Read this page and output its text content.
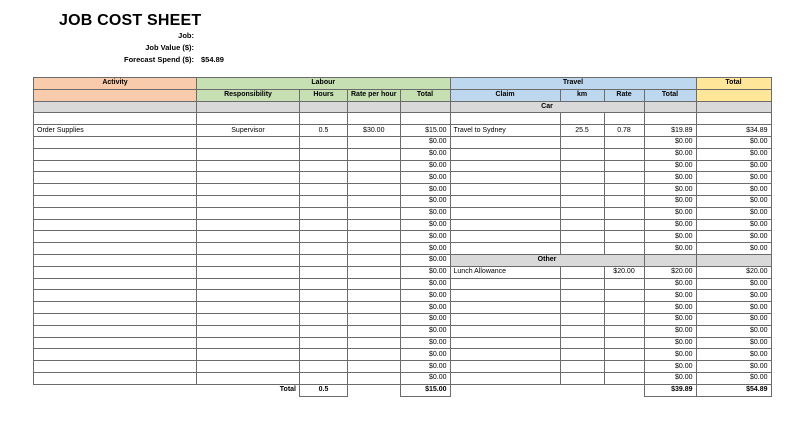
JOB COST SHEET
Job:
Job Value ($):
Forecast Spend ($): $54.89
Activity	Labour				Travel				Total
	Responsibility	Hours	Rate per hour	Total	Claim	km	Rate	Total	
					Car				

Order Supplies	Supervisor	0.5	$30.00	$15.00	Travel to Sydney	25.5	0.78	$19.89	$34.89
				$0.00				$0.00	$0.00
				$0.00				$0.00	$0.00
				$0.00				$0.00	$0.00
				$0.00				$0.00	$0.00
				$0.00				$0.00	$0.00
				$0.00				$0.00	$0.00
				$0.00				$0.00	$0.00
				$0.00				$0.00	$0.00
				$0.00				$0.00	$0.00
				$0.00				$0.00	$0.00
				$0.00	Other				
				$0.00	Lunch Allowance		$20.00	$20.00	$20.00
				$0.00				$0.00	$0.00
				$0.00				$0.00	$0.00
				$0.00				$0.00	$0.00
				$0.00				$0.00	$0.00
				$0.00				$0.00	$0.00
				$0.00				$0.00	$0.00
				$0.00				$0.00	$0.00
				$0.00				$0.00	$0.00
				$0.00				$0.00	$0.00
	Total	0.5		$15.00				$39.89	$54.89
